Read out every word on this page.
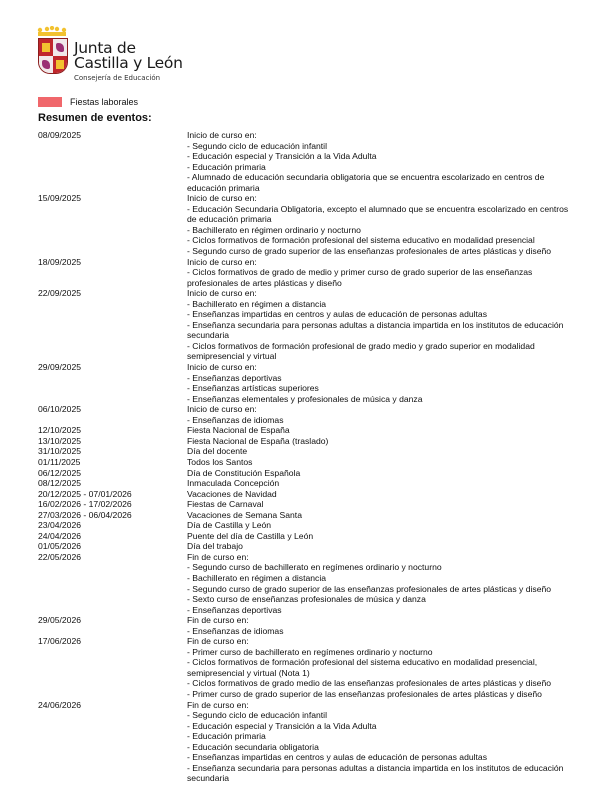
Junta de
Castilla y León
Consejería de Educación
Fiestas laborales
Resumen de eventos:
08/09/2025	Inicio de curso en:
- Segundo ciclo de educación infantil
- Educación especial y Transición a la Vida Adulta
- Educación primaria
- Alumnado de educación secundaria obligatoria que se encuentra escolarizado en centros de educación primaria
15/09/2025	Inicio de curso en:
- Educación Secundaria Obligatoria, excepto el alumnado que se encuentra escolarizado en centros de educación primaria
- Bachillerato en régimen ordinario y nocturno
- Ciclos formativos de formación profesional del sistema educativo en modalidad presencial
- Segundo curso de grado superior de las enseñanzas profesionales de artes plásticas y diseño
18/09/2025	Inicio de curso en:
- Ciclos formativos de grado de medio y primer curso de grado superior de las enseñanzas profesionales de artes plásticas y diseño
22/09/2025	Inicio de curso en:
- Bachillerato en régimen a distancia
- Enseñanzas impartidas en centros y aulas de educación de personas adultas
- Enseñanza secundaria para personas adultas a distancia impartida en los institutos de educación secundaria
- Ciclos formativos de formación profesional de grado medio y grado superior en modalidad semipresencial y virtual
29/09/2025	Inicio de curso en:
- Enseñanzas deportivas
- Enseñanzas artísticas superiores
- Enseñanzas elementales y profesionales de música y danza
06/10/2025	Inicio de curso en:
- Enseñanzas de idiomas
12/10/2025	Fiesta Nacional de España
13/10/2025	Fiesta Nacional de España (traslado)
31/10/2025	Día del docente
01/11/2025	Todos los Santos
06/12/2025	Día de Constitución Española
08/12/2025	Inmaculada Concepción
20/12/2025 - 07/01/2026	Vacaciones de Navidad
16/02/2026 - 17/02/2026	Fiestas de Carnaval
27/03/2026 - 06/04/2026	Vacaciones de Semana Santa
23/04/2026	Día de Castilla y León
24/04/2026	Puente del día de Castilla y León
01/05/2026	Día del trabajo
22/05/2026	Fin de curso en:
- Segundo curso de bachillerato en regímenes ordinario y nocturno
- Bachillerato en régimen a distancia
- Segundo curso de grado superior de las enseñanzas profesionales de artes plásticas y diseño
- Sexto curso de enseñanzas profesionales de música y danza
- Enseñanzas deportivas
29/05/2026	Fin de curso en:
- Enseñanzas de idiomas
17/06/2026	Fin de curso en:
- Primer curso de bachillerato en regímenes ordinario y nocturno
- Ciclos formativos de formación profesional del sistema educativo en modalidad presencial, semipresencial y virtual (Nota 1)
- Ciclos formativos de grado medio de las enseñanzas profesionales de artes plásticas y diseño
- Primer curso de grado superior de las enseñanzas profesionales de artes plásticas y diseño
24/06/2026	Fin de curso en:
- Segundo ciclo de educación infantil
- Educación especial y Transición a la Vida Adulta
- Educación primaria
- Educación secundaria obligatoria
- Enseñanzas impartidas en centros y aulas de educación de personas adultas
- Enseñanza secundaria para personas adultas a distancia impartida en los institutos de educación secundaria
